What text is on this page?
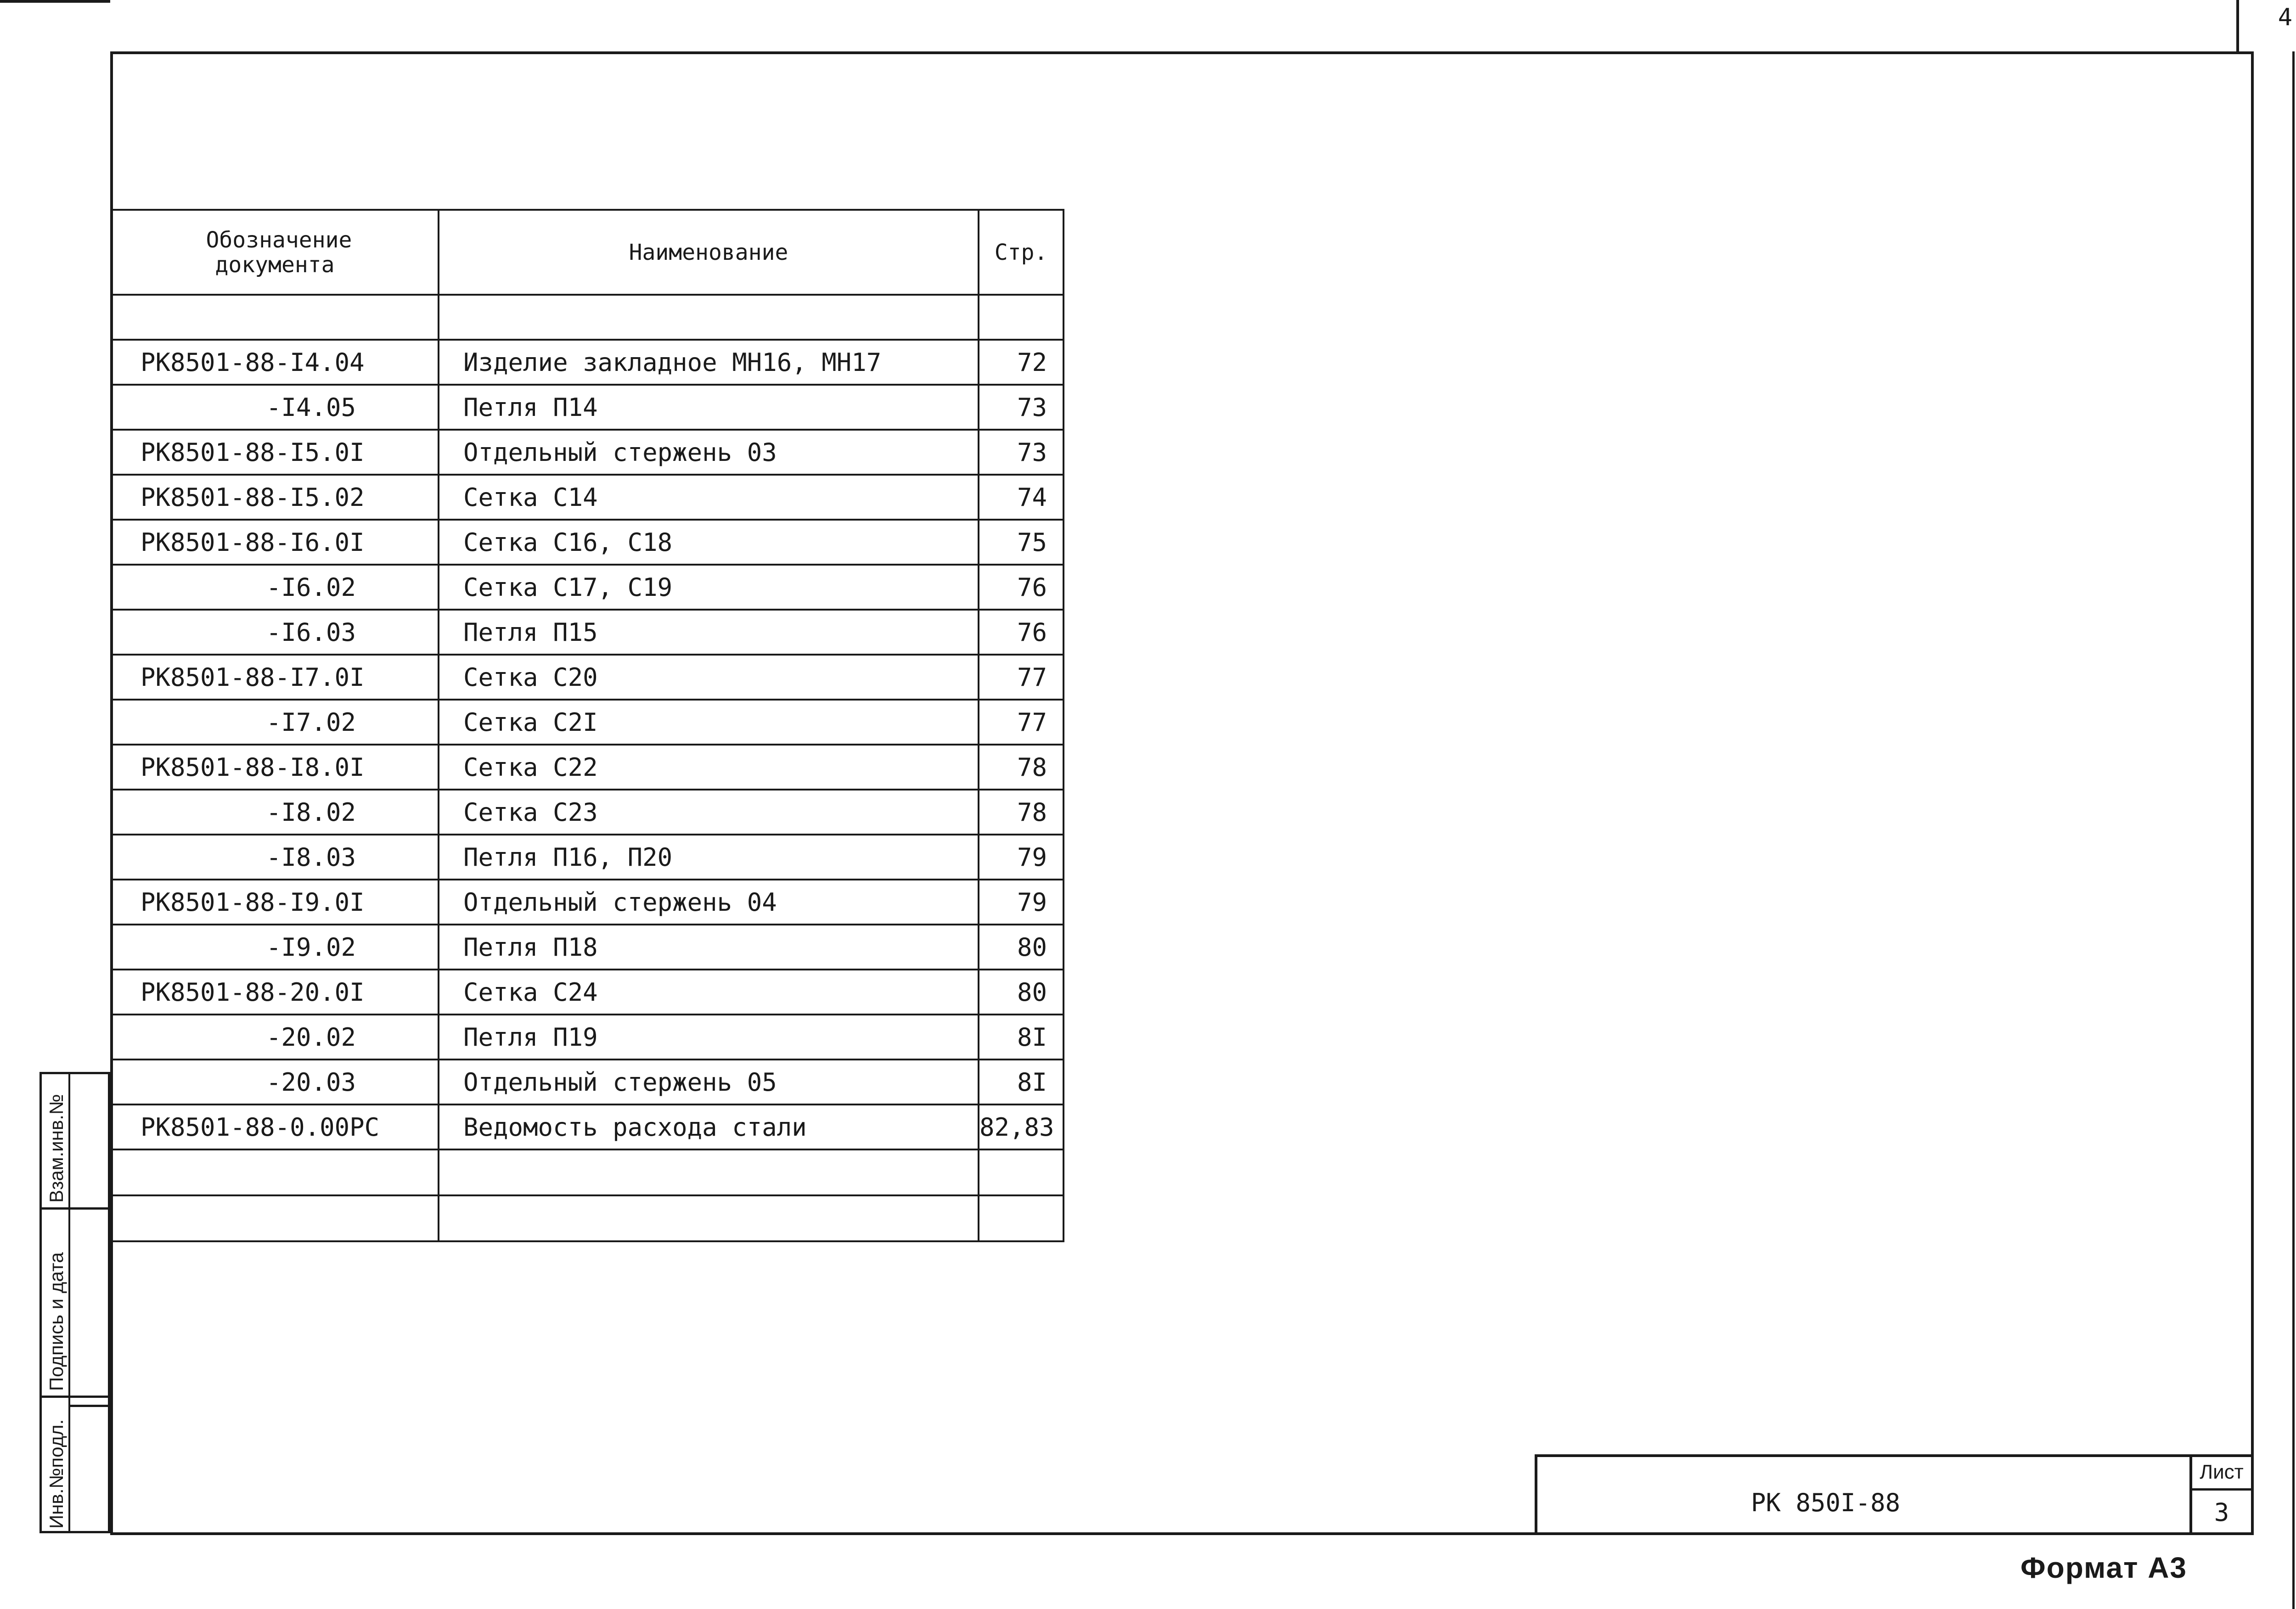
4
Обозначение документа	Наименование	Стр.

РК8501-88-I4.04	Изделие закладное МН16, МН17	72
-I4.05	Петля П14	73
РК8501-88-I5.0I	Отдельный стержень 03	73
РК8501-88-I5.02	Сетка С14	74
РК8501-88-I6.0I	Сетка С16, С18	75
-I6.02	Сетка С17, С19	76
-I6.03	Петля П15	76
РК8501-88-I7.0I	Сетка С20	77
-I7.02	Сетка С2I	77
РК8501-88-I8.0I	Сетка С22	78
-I8.02	Сетка С23	78
-I8.03	Петля П16, П20	79
РК8501-88-I9.0I	Отдельный стержень 04	79
-I9.02	Петля П18	80
РК8501-88-20.0I	Сетка С24	80
-20.02	Петля П19	8I
-20.03	Отдельный стержень 05	8I
РК8501-88-0.00РС	Ведомость расхода стали	82,83

Взам.инв.№
Подпись и дата
Инв.№подл.	РК 850I-88
Лист
3
Формат А3
